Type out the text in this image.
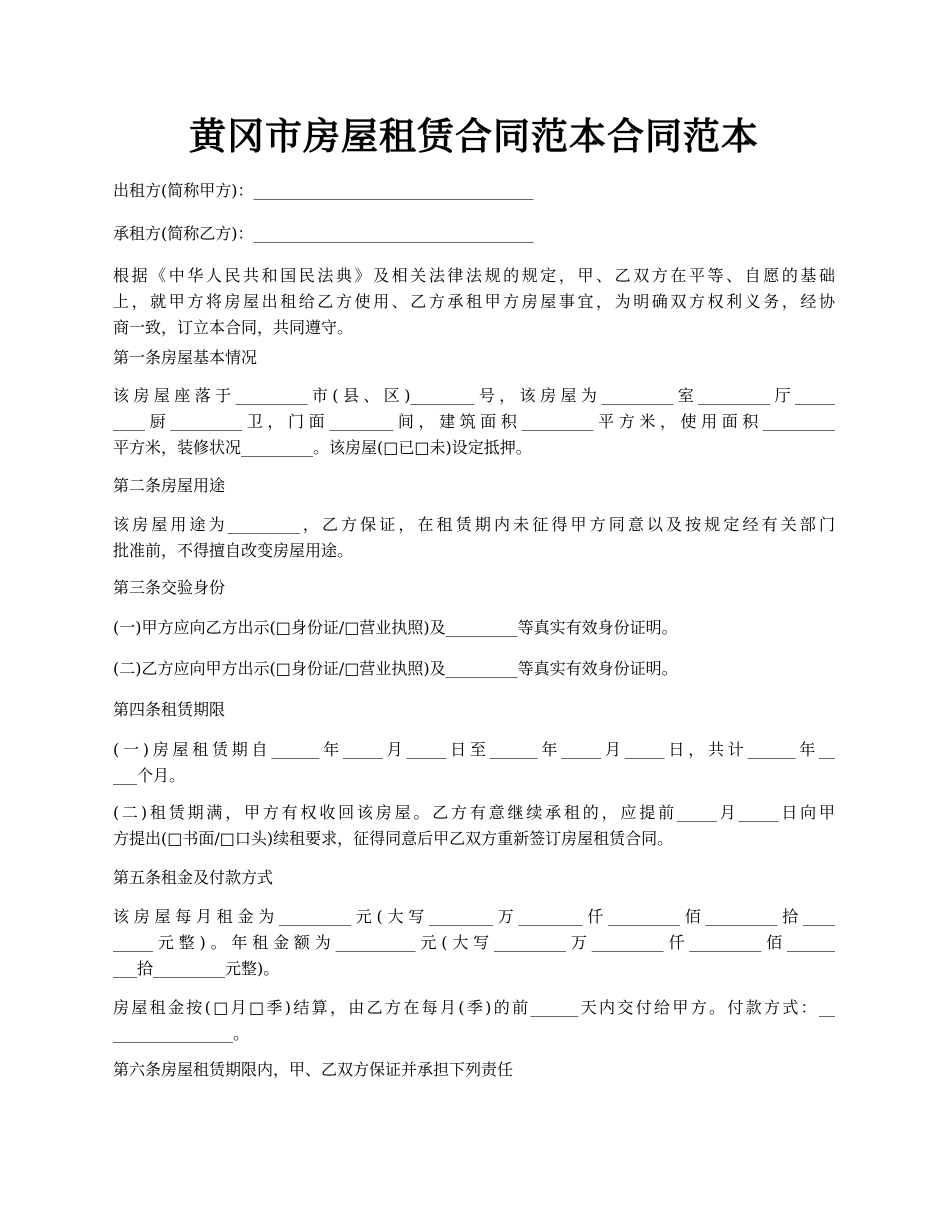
黄冈市房屋租赁合同范本合同范本

出租方(简称甲方)：___________________________________

承租方(简称乙方)：___________________________________

根据《中华人民共和国民法典》及相关法律法规的规定，甲、乙双方在平等、自愿的基础
上，就甲方将房屋出租给乙方使用、乙方承租甲方房屋事宜，为明确双方权利义务，经协
商一致，订立本合同，共同遵守。

第一条房屋基本情况

该房屋座落于_________市(县、区)________号，该房屋为_________室_________厅_____
____厨_________卫，门面________间，建筑面积_________平方米，使用面积_________
平方米，装修状况_________。该房屋(□已□未)设定抵押。

第二条房屋用途

该房屋用途为_________，乙方保证，在租赁期内未征得甲方同意以及按规定经有关部门
批准前，不得擅自改变房屋用途。

第三条交验身份

(一)甲方应向乙方出示(□身份证/□营业执照)及_________等真实有效身份证明。

(二)乙方应向甲方出示(□身份证/□营业执照)及_________等真实有效身份证明。

第四条租赁期限

(一)房屋租赁期自______年_____月_____日至______年_____月_____日，共计______年__
___个月。

(二)租赁期满，甲方有权收回该房屋。乙方有意继续承租的，应提前_____月_____日向甲
方提出(□书面/□口头)续租要求，征得同意后甲乙双方重新签订房屋租赁合同。

第五条租金及付款方式

该房屋每月租金为_________元(大写________万________仟_________佰_________拾____
_____元整)。年租金额为__________元(大写_________万_________仟_________佰______
___拾_________元整)。

房屋租金按(□月□季)结算，由乙方在每月(季)的前______天内交付给甲方。付款方式：__
_______________。

第六条房屋租赁期限内，甲、乙双方保证并承担下列责任
